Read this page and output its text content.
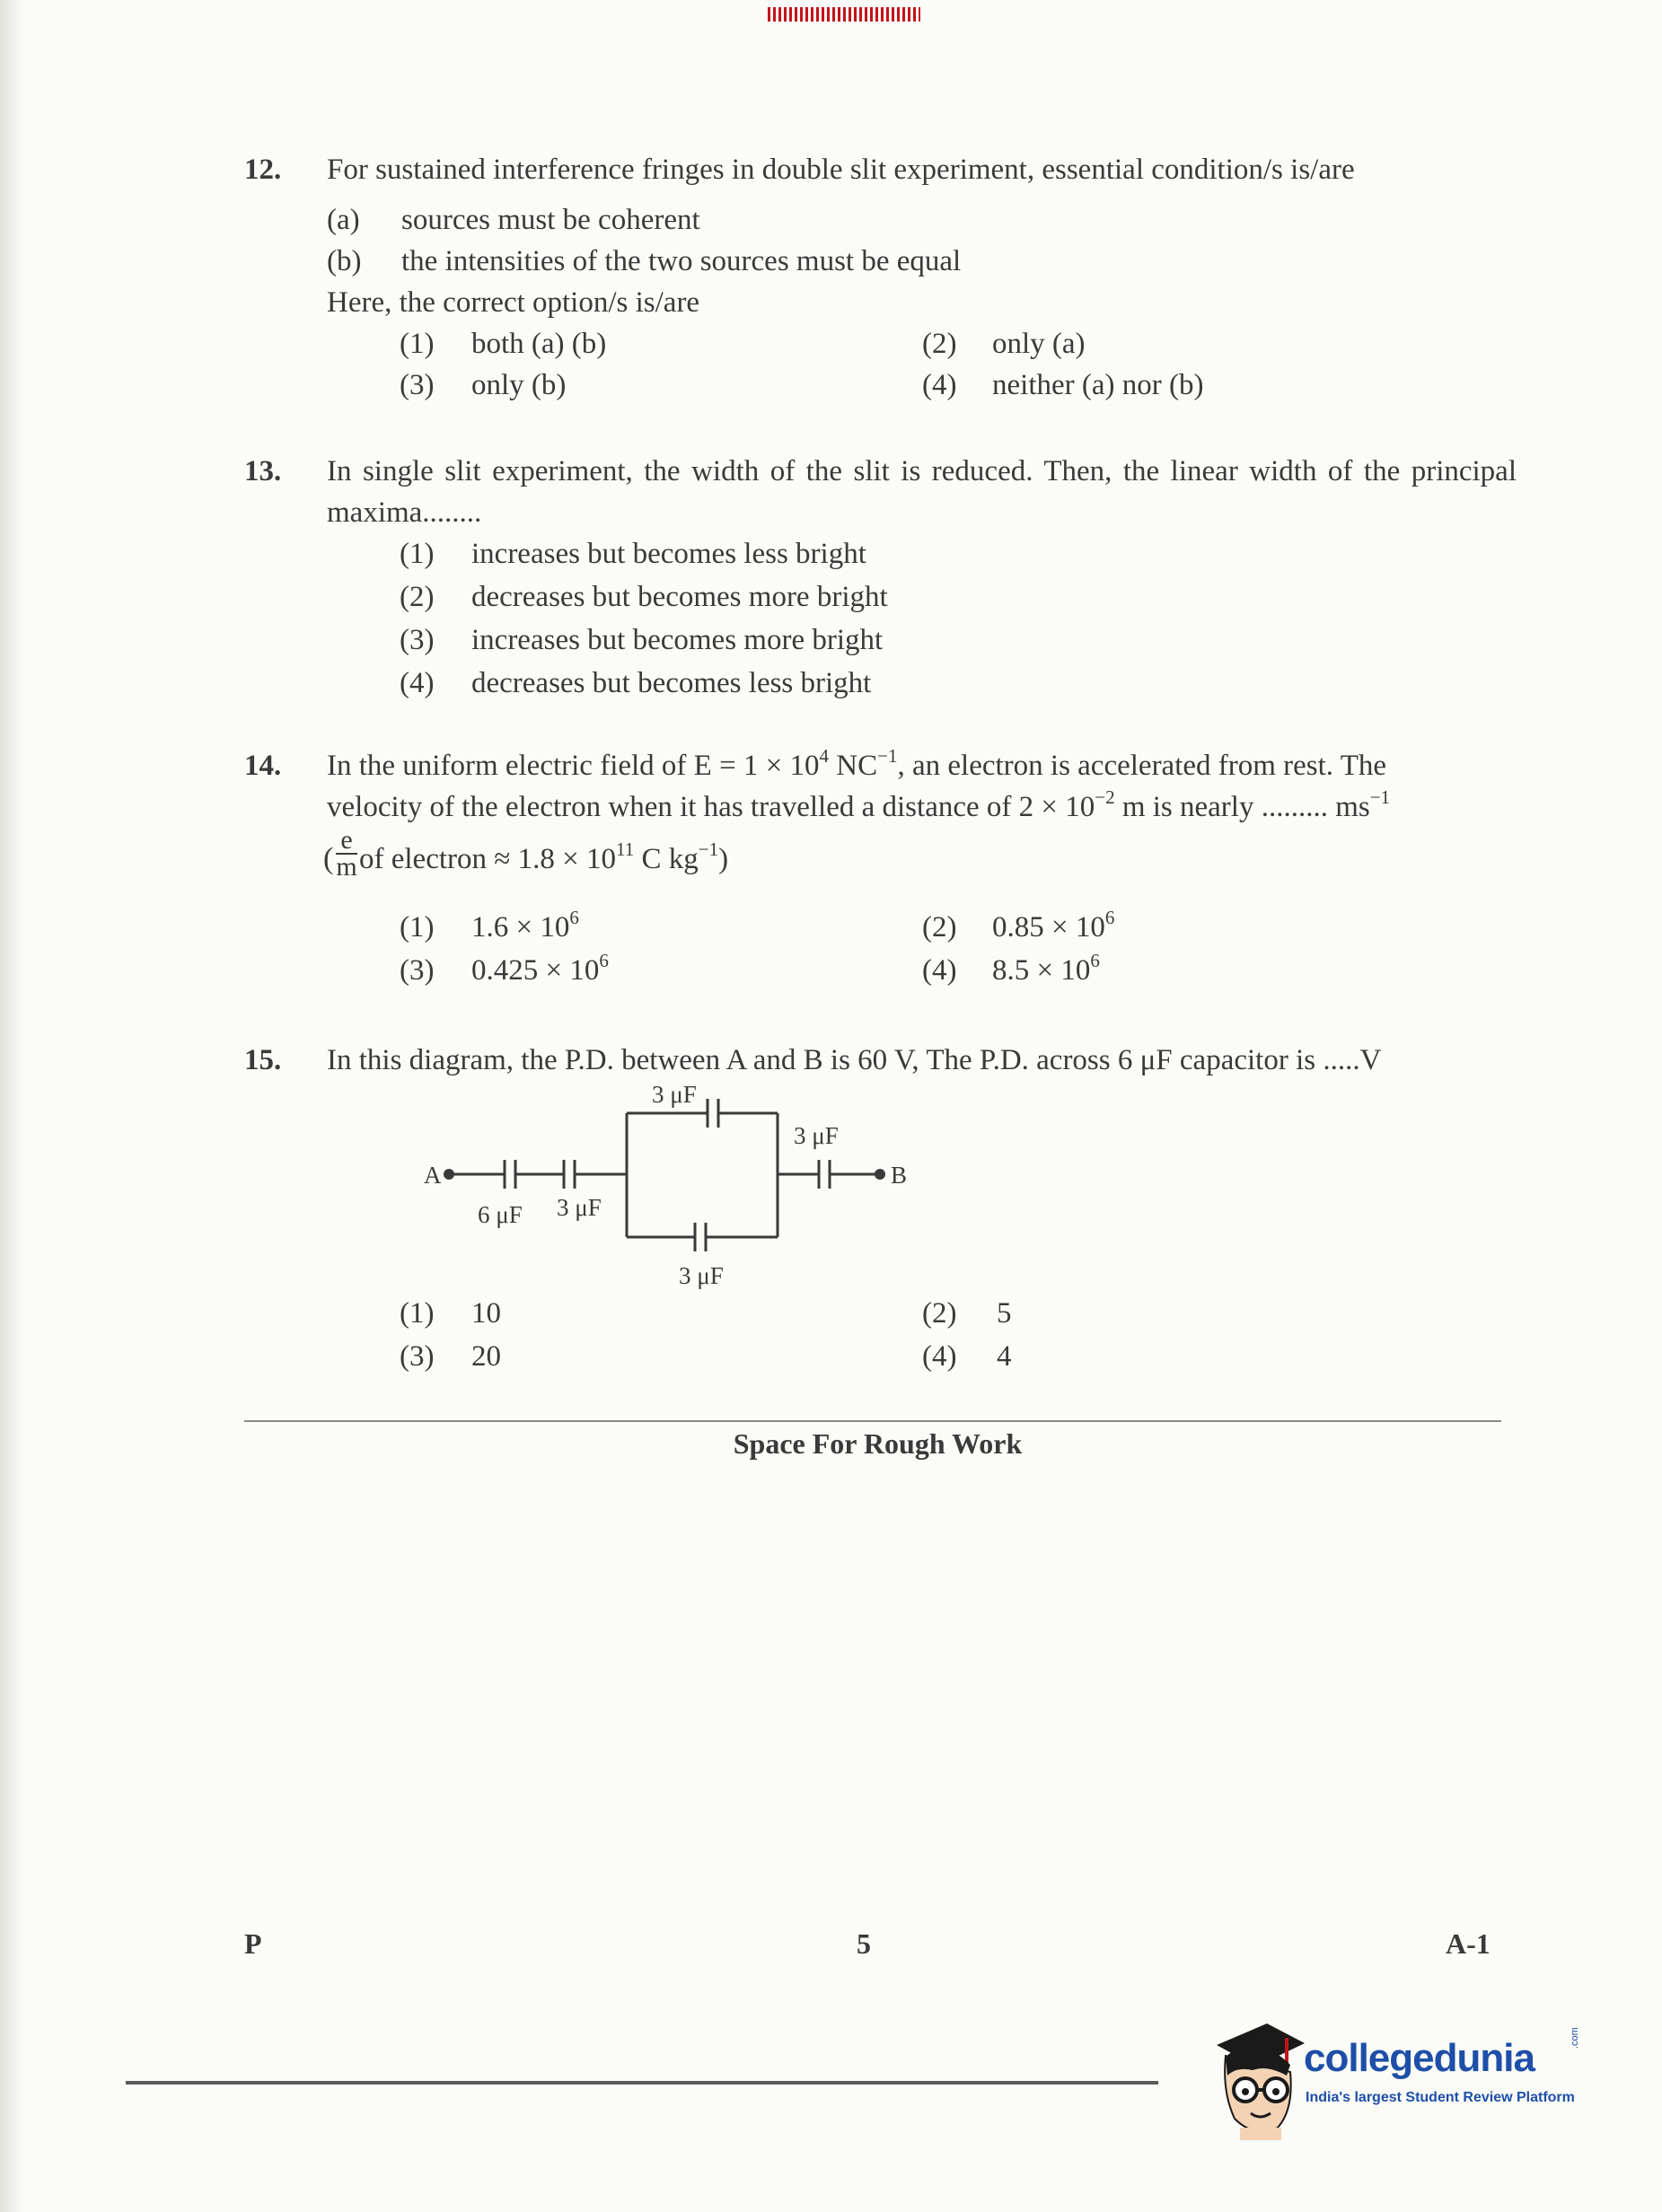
12.	For sustained interference fringes in double slit experiment, essential condition/s is/are
(a) sources must be coherent
(b) the intensities of the two sources must be equal
Here, the correct option/s is/are
(1) both (a) (b)	(2) only (a)
(3) only (b)	(4) neither (a) nor (b)
13.	In single slit experiment, the width of the slit is reduced. Then, the linear width of the principal maxima........
(1) increases but becomes less bright
(2) decreases but becomes more bright
(3) increases but becomes more bright
(4) decreases but becomes less bright
14.	In the uniform electric field of $E = 1 \times 10^4$ $NC^{-1}$, an electron is accelerated from rest. The
velocity of the electron when it has travelled a distance of $2 \times 10^{-2}$ m is nearly ......... $ms^{-1}$
( $\frac{e}{m}$ of electron ≈ $1.8 \times 10^{11}$ C $kg^{-1}$)
(1) $1.6 \times 10^6$	(2) $0.85 \times 10^6$
(3) $0.425 \times 10^6$	(4) $8.5 \times 10^6$
15.	In this diagram, the P.D. between A and B is 60 V, The P.D. across 6 μF capacitor is .....V
A	B
6 μF 3 μF
3 μF
3 μF
3 μF
(1) 10	(2) 5
(3) 20	(4) 4
Space For Rough Work
P	5	A-1
collegedunia	.com
India's largest Student Review Platform
